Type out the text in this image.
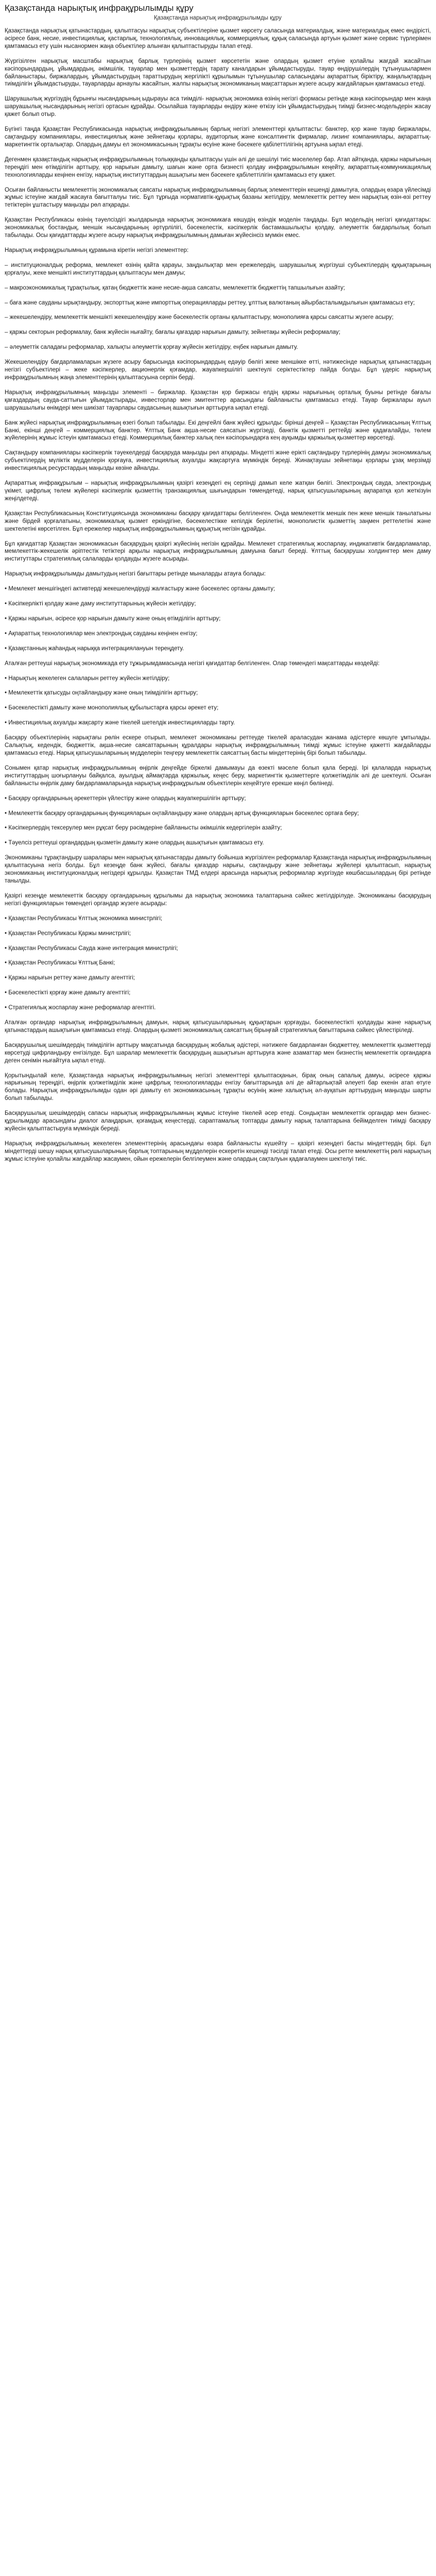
Қазақстанда нарықтық инфрақұрылымды құру
Қазақстанда нарықтық инфрақұрылымды құру

Қазақстанда нарықтық қатынастардың, қалыптасуы нарықтық субъектілеріне қызмет көрсету саласында материалдық, және материалдық емес өндірісті, әсіресе банк, несие, инвестициялық, қастарлық, технологиялық, инновациялық, коммерциялық, құқық саласында артуын қызмет және сервис түрлерімен қамтамасыз ету үшін нысанормен жаңа объектілер алынған қалыптастыруды талап етеді.

Жүргізілген нарықтық масштабы нарықтық барлық түрлерінің қызмет көрсететін және олардың қызмет етуіне қолайлы жағдай жасайтын кәсіпорындардың, ұйымдардың, әкімшілік, тауарлар мен қызметтердің тарату каналдарын ұйымдастыруды, тауар өндірушілердің тұтынушылармен байланыстары, биржалардың, ұйымдастырудың тараттырудың жергілікті құрылымын тұтынушылар саласындағы ақпараттық біріктіру, жаңалықтардың тиімділігін ұйымдастыруды, тауарларды арнаулы жасайтын, жалпы нарықтық экономиканың мақсаттарын жүзеге асыру жағдайларын қамтамасыз етеді.

Шаруашылық жүргізудің бұрынғы нысандарының ыдырауы аса тиімділі- нарықтық экономика өзінің негізгі формасы ретінде жаңа кәсіпорындар мен жаңа шаруашылық нысандарының негізгі ортасын құрайды. Осылайша тауарларды өндіру және өткізу ісін ұйымдастырудың тиімді бизнес-модельдерін жасау қажет болып отыр.

Бүгінгі таңда Қазақстан Республикасында нарықтық инфрақұрылымның барлық негізгі элементтері қалыптасты: банктер, қор және тауар биржалары, сақтандыру компаниялары, инвестициялық және зейнетақы қорлары, аудиторлық және консалтингтік фирмалар, лизинг компаниялары, ақпараттық-маркетингтік орталықтар. Олардың дамуы ел экономикасының тұрақты өсуіне және бәсекеге қабілеттілігінің артуына ықпал етеді.

Дегенмен қазақстандық нарықтық инфрақұрылымның толыққанды қалыптасуы үшін әлі де шешілуі тиіс мәселелер бар. Атап айтқанда, қаржы нарығының тереңдігі мен өтімділігін арттыру, қор нарығын дамыту, шағын және орта бизнесті қолдау инфрақұрылымын кеңейту, ақпараттық-коммуникациялық технологияларды кеңінен енгізу, нарықтық институттардың ашықтығы мен бәсекеге қабілеттілігін қамтамасыз ету қажет.

Осыған байланысты мемлекеттің экономикалық саясаты нарықтық инфрақұрылымның барлық элементтерін кешенді дамытуға, олардың өзара үйлесімді жұмыс істеуіне жағдай жасауға бағытталуы тиіс. Бұл тұрғыда нормативтік-құқықтық базаны жетілдіру, мемлекеттік реттеу мен нарықтық өзін-өзі реттеу тетіктерін ұштастыру маңызды рөл атқарады.

Қазақстан Республикасы өзінің тәуелсіздігі жылдарында нарықтық экономикаға көшудің өзіндік моделін таңдады. Бұл модельдің негізгі қағидаттары: экономикалық бостандық, меншік нысандарының әртүрлілігі, бәсекелестік, кәсіпкерлік бастамашылықты қолдау, әлеуметтік бағдарлылық болып табылады. Осы қағидаттарды жүзеге асыру нарықтық инфрақұрылымның дамыған жүйесінсіз мүмкін емес.

Нарықтық инфрақұрылымның құрамына кіретін негізгі элементтер:

– институционалдық реформа, мемлекет өзінің қайта қарауы, заңдылықтар мен ережелердің, шаруашылық жүргізуші субъектілердің құқықтарының қорғалуы, жеке меншікті институттардың қалыптасуы мен дамуы;

– макроэкономикалық тұрақтылық, қатаң бюджеттік және несие-ақша саясаты, мемлекеттік бюджеттің тапшылығын азайту;

– баға және сауданы ырықтандыру, экспорттық және импорттық операцияларды реттеу, ұлттық валютаның айырбасталымдылығын қамтамасыз ету;

– жекешелендіру, мемлекеттік меншікті жекешелендіру және бәсекелестік ортаны қалыптастыру, монополияға қарсы саясатты жүзеге асыру;

– қаржы секторын реформалау, банк жүйесін нығайту, бағалы қағаздар нарығын дамыту, зейнетақы жүйесін реформалау;

– әлеуметтік саладағы реформалар, халықты әлеуметтік қорғау жүйесін жетілдіру, еңбек нарығын дамыту.

Жекешелендіру бағдарламаларын жүзеге асыру барысында кәсіпорындардың едәуір бөлігі жеке меншікке өтті, нәтижесінде нарықтық қатынастардың негізгі субъектілері – жеке кәсіпкерлер, акционерлік қоғамдар, жауапкершілігі шектеулі серіктестіктер пайда болды. Бұл үдеріс нарықтық инфрақұрылымның жаңа элементтерінің қалыптасуына серпін берді.

Нарықтық инфрақұрылымның маңызды элементі – биржалар. Қазақстан қор биржасы елдің қаржы нарығының орталық буыны ретінде бағалы қағаздардың сауда-саттығын ұйымдастырады, инвесторлар мен эмитенттер арасындағы байланысты қамтамасыз етеді. Тауар биржалары ауыл шаруашылығы өнімдері мен шикізат тауарлары саудасының ашықтығын арттыруға ықпал етеді.

Банк жүйесі нарықтық инфрақұрылымның өзегі болып табылады. Екі деңгейлі банк жүйесі құрылды: бірінші деңгей – Қазақстан Республикасының Ұлттық Банкі, екінші деңгей – коммерциялық банктер. Ұлттық Банк ақша-несие саясатын жүргізеді, банктік қызметті реттейді және қадағалайды, төлем жүйелерінің жұмыс істеуін қамтамасыз етеді. Коммерциялық банктер халық пен кәсіпорындарға кең ауқымды қаржылық қызметтер көрсетеді.

Сақтандыру компаниялары кәсіпкерлік тәуекелдерді басқаруда маңызды рөл атқарады. Міндетті және ерікті сақтандыру түрлерінің дамуы экономикалық субъектілердің мүліктік мүдделерін қорғауға, инвестициялық ахуалды жақсартуға мүмкіндік береді. Жинақтаушы зейнетақы қорлары ұзақ мерзімді инвестициялық ресурстардың маңызды көзіне айналды.

Ақпараттық инфрақұрылым – нарықтық инфрақұрылымның қазіргі кезеңдегі ең серпінді дамып келе жатқан бөлігі. Электрондық сауда, электрондық үкімет, цифрлық төлем жүйелері кәсіпкерлік қызметтің транзакциялық шығындарын төмендетеді, нарық қатысушыларының ақпаратқа қол жеткізуін жеңілдетеді.

Қазақстан Республикасының Конституциясында экономиканы басқару қағидаттары белгіленген. Онда мемлекеттік меншік пен жеке меншік танылатыны және бірдей қорғалатыны, экономикалық қызмет еркіндігіне, бәсекелестікке кепілдік берілетіні, монополистік қызметтің заңмен реттелетіні және шектелетіні көрсетілген. Бұл ережелер нарықтық инфрақұрылымның құқықтық негізін құрайды.

Бұл қағидаттар Қазақстан экономикасын басқарудың қазіргі жүйесінің негізін құрайды. Мемлекет стратегиялық жоспарлау, индикативтік бағдарламалар, мемлекеттік-жекешелік әріптестік тетіктері арқылы нарықтық инфрақұрылымның дамуына бағыт береді. Ұлттық басқарушы холдингтер мен даму институттары стратегиялық салаларды қолдауды жүзеге асырады.

Нарықтық инфрақұрылымды дамытудың негізгі бағыттары ретінде мыналарды атауға болады:

• Мемлекет меншігіндегі активтерді жекешелендіруді жалғастыру және бәсекелес ортаны дамыту;

• Кәсіпкерлікті қолдау және даму институттарының жүйесін жетілдіру;

• Қаржы нарығын, әсіресе қор нарығын дамыту және оның өтімділігін арттыру;

• Ақпараттық технологиялар мен электрондық сауданы кеңінен енгізу;

• Қазақстанның жаһандық нарыққа интеграциялануын тереңдету.

Аталған реттеуші нарықтық экономикада ету тұжырымдамасында негізгі қағидаттар белгіленген. Олар төмендегі мақсаттарды көздейді:

• Нарықтың жекелеген салаларын реттеу жүйесін жетілдіру;

• Мемлекеттік қатысуды оңтайландыру және оның тиімділігін арттыру;

• Бәсекелестікті дамыту және монополиялық құбылыстарға қарсы әрекет ету;

• Инвестициялық ахуалды жақсарту және тікелей шетелдік инвестицияларды тарту.

Басқару объектілерінің нарықтағы рөлін ескере отырып, мемлекет экономиканы реттеуде тікелей араласудан жанама әдістерге көшуге ұмтылады. Салықтық, кедендік, бюджеттік, ақша-несие саясаттарының құралдары нарықтық инфрақұрылымның тиімді жұмыс істеуіне қажетті жағдайларды қамтамасыз етеді. Нарық қатысушыларының мүдделерін теңгеру мемлекеттік саясаттың басты міндеттерінің бірі болып табылады.

Сонымен қатар нарықтық инфрақұрылымның өңірлік деңгейде біркелкі дамымауы да өзекті мәселе болып қала береді. Ірі қалаларда нарықтық институттардың шоғырлануы байқалса, ауылдық аймақтарда қаржылық, кеңес беру, маркетингтік қызметтерге қолжетімділік әлі де шектеулі. Осыған байланысты өңірлік даму бағдарламаларында нарықтық инфрақұрылым объектілерін кеңейтуге ерекше көңіл бөлінеді.

• Басқару органдарының әрекеттерін үйлестіру және олардың жауапкершілігін арттыру;

• Мемлекеттік басқару органдарының функцияларын оңтайландыру және олардың артық функцияларын бәсекелес ортаға беру;

• Кәсіпкерлердің тексерулер мен рұқсат беру рәсімдеріне байланысты әкімшілік кедергілерін азайту;

• Тәуелсіз реттеуші органдардың қызметін дамыту және олардың ашықтығын қамтамасыз ету.

Экономиканы тұрақтандыру шаралары мен нарықтық қатынастарды дамыту бойынша жүргізілген реформалар Қазақстанда нарықтық инфрақұрылымның қалыптасуына негіз болды. Бұл кезеңде банк жүйесі, бағалы қағаздар нарығы, сақтандыру және зейнетақы жүйелері қалыптасып, нарықтық экономиканың институционалдық негіздері құрылды. Қазақстан ТМД елдері арасында нарықтық реформалар жүргізуде көшбасшылардың бірі ретінде танылды.

Қазіргі кезеңде мемлекеттік басқару органдарының құрылымы да нарықтық экономика талаптарына сәйкес жетілдірілуде. Экономиканы басқарудың негізгі функцияларын төмендегі органдар жүзеге асырады:

• Қазақстан Республикасы Ұлттық экономика министрлігі;

• Қазақстан Республикасы Қаржы министрлігі;

• Қазақстан Республикасы Сауда және интеграция министрлігі;

• Қазақстан Республикасы Ұлттық Банкі;

• Қаржы нарығын реттеу және дамыту агенттігі;

• Бәсекелестікті қорғау және дамыту агенттігі;

• Стратегиялық жоспарлау және реформалар агенттігі.

Аталған органдар нарықтық инфрақұрылымның дамуын, нарық қатысушыларының құқықтарын қорғауды, бәсекелестікті қолдауды және нарықтық қатынастардың ашықтығын қамтамасыз етеді. Олардың қызметі экономикалық саясаттың бірыңғай стратегиялық бағыттарына сәйкес үйлестіріледі.

Басқарушылық шешімдердің тиімділігін арттыру мақсатында басқарудың жобалық әдістері, нәтижеге бағдарланған бюджеттеу, мемлекеттік қызметтерді көрсетуді цифрландыру енгізілуде. Бұл шаралар мемлекеттік басқарудың ашықтығын арттыруға және азаматтар мен бизнестің мемлекеттік органдарға деген сенімін нығайтуға ықпал етеді.

Қорытындылай келе, Қазақстанда нарықтық инфрақұрылымның негізгі элементтері қалыптасқанын, бірақ оның сапалық дамуы, әсіресе қаржы нарығының тереңдігі, өңірлік қолжетімділік және цифрлық технологияларды енгізу бағыттарында әлі де айтарлықтай әлеуеті бар екенін атап өтуге болады. Нарықтық инфрақұрылымды одан әрі дамыту ел экономикасының тұрақты өсуінің және халықтың әл-ауқатын арттырудың маңызды шарты болып табылады.

Басқарушылық шешімдердің сапасы нарықтық инфрақұрылымның жұмыс істеуіне тікелей әсер етеді. Сондықтан мемлекеттік органдар мен бизнес-құрылымдар арасындағы диалог алаңдарын, қоғамдық кеңестерді, сараптамалық топтарды дамыту нарық талаптарына бейімделген тиімді басқару жүйесін қалыптастыруға мүмкіндік береді.

Нарықтық инфрақұрылымның жекелеген элементтерінің арасындағы өзара байланысты күшейту – қазіргі кезеңдегі басты міндеттердің бірі. Бұл міндеттерді шешу нарық қатысушыларының барлық топтарының мүдделерін ескеретін кешенді тәсілді талап етеді. Осы ретте мемлекеттің рөлі нарықтың жұмыс істеуіне қолайлы жағдайлар жасаумен, ойын ережелерін белгілеумен және олардың сақталуын қадағалаумен шектелуі тиіс.
